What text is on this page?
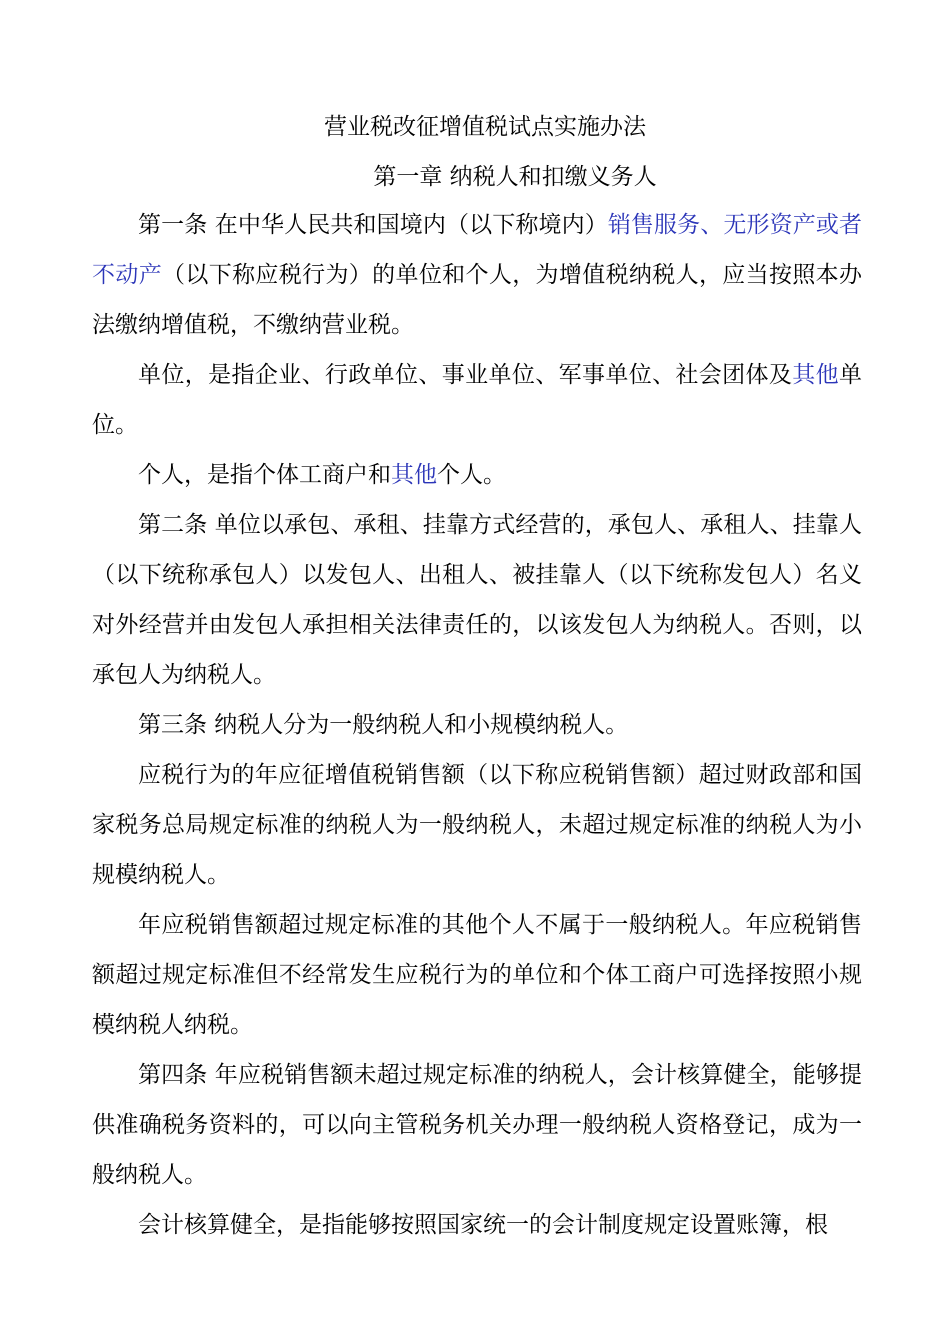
营业税改征增值税试点实施办法
第一章 纳税人和扣缴义务人

第一条 在中华人民共和国境内（以下称境内）销售服务、无形资产或者不动产（以下称应税行为）的单位和个人，为增值税纳税人，应当按照本办法缴纳增值税，不缴纳营业税。

单位，是指企业、行政单位、事业单位、军事单位、社会团体及其他单位。

个人，是指个体工商户和其他个人。

第二条 单位以承包、承租、挂靠方式经营的，承包人、承租人、挂靠人（以下统称承包人）以发包人、出租人、被挂靠人（以下统称发包人）名义对外经营并由发包人承担相关法律责任的，以该发包人为纳税人。否则，以承包人为纳税人。

第三条 纳税人分为一般纳税人和小规模纳税人。

应税行为的年应征增值税销售额（以下称应税销售额）超过财政部和国家税务总局规定标准的纳税人为一般纳税人，未超过规定标准的纳税人为小规模纳税人。

年应税销售额超过规定标准的其他个人不属于一般纳税人。年应税销售额超过规定标准但不经常发生应税行为的单位和个体工商户可选择按照小规模纳税人纳税。

第四条 年应税销售额未超过规定标准的纳税人，会计核算健全，能够提供准确税务资料的，可以向主管税务机关办理一般纳税人资格登记，成为一般纳税人。

会计核算健全，是指能够按照国家统一的会计制度规定设置账簿，根
